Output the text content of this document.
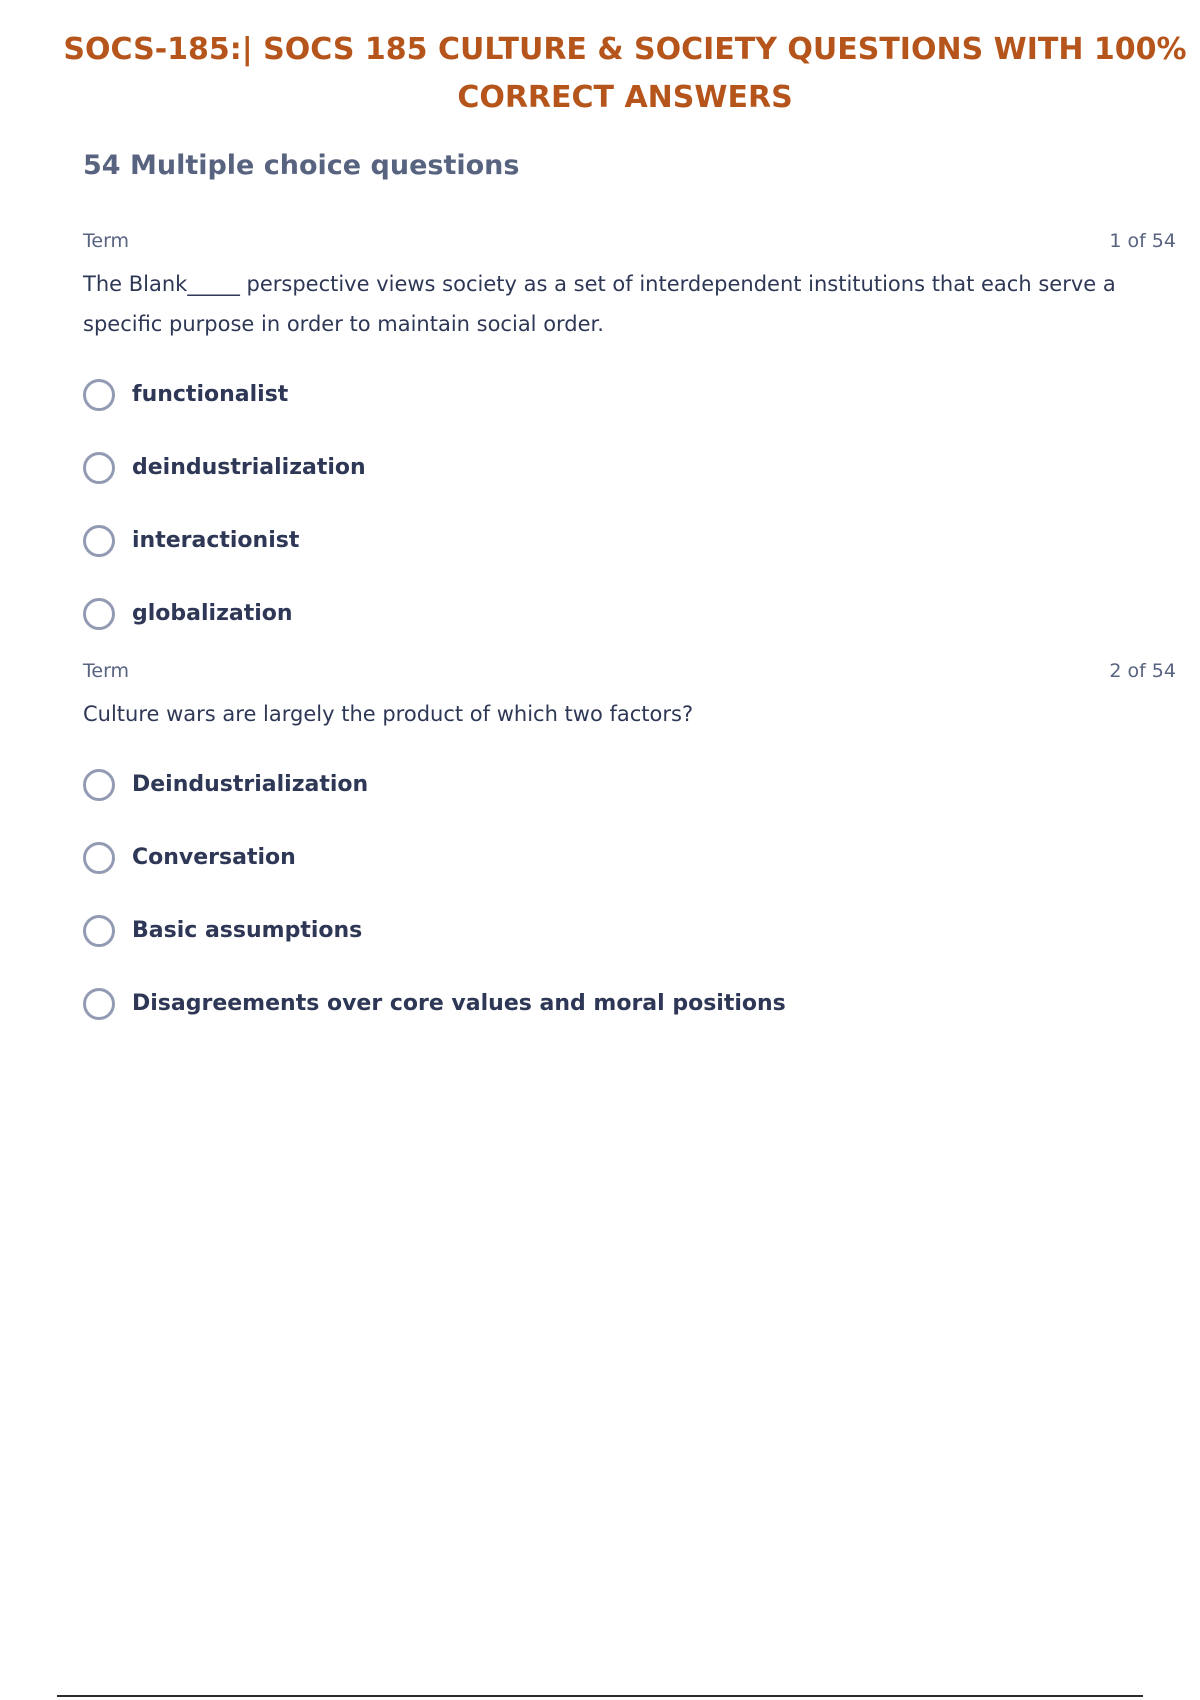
SOCS-185:| SOCS 185 CULTURE & SOCIETY QUESTIONS WITH 100%
CORRECT ANSWERS
54 Multiple choice questions
Term	1 of 54

The Blank_____ perspective views society as a set of interdependent institutions that each serve a specific purpose in order to maintain social order.

functionalist
deindustrialization
interactionist
globalization
Term	2 of 54

Culture wars are largely the product of which two factors?

Deindustrialization
Conversation
Basic assumptions
Disagreements over core values and moral positions
